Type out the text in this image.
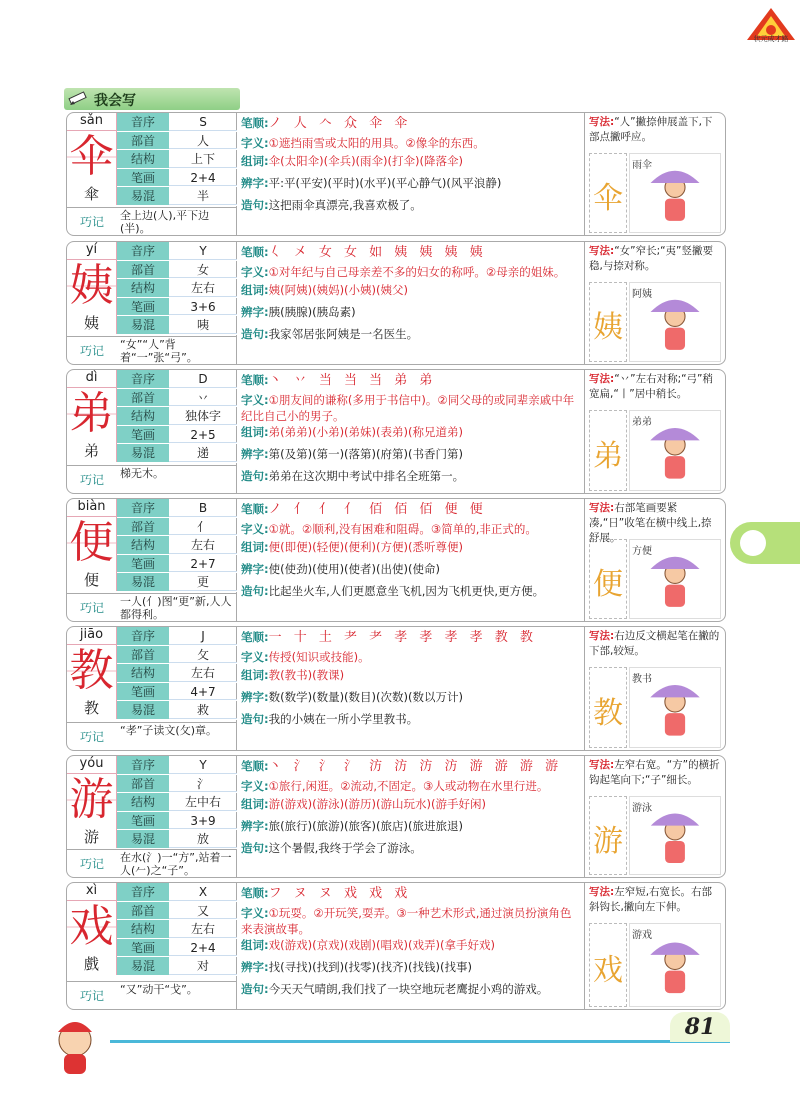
状元成才路
我会写
sǎn
伞
傘
音序	S
部首	人
结构	上下
笔画	2+4
易混	半
巧记	全上边(人),平下边(半)。
笔顺:ノ 人 𠆢 众 伞 伞
字义:①遮挡雨雪或太阳的用具。②像伞的东西。
组词:伞(太阳伞)(伞兵)(雨伞)(打伞)(降落伞)
辨字:平:平(平安)(平时)(水平)(平心静气)(风平浪静)
造句:这把雨伞真漂亮,我喜欢极了。
写法:“人”撇捺伸展盖下,下部点撇呼应。
伞
雨伞
yí
姨
姨
音序	Y
部首	女
结构	左右
笔画	3+6
易混	咦
巧记	“女”“人”背着“一”张“弓”。
笔顺:𡿨 㐅 女 女 如 姨 姨 姨 姨
字义:①对年纪与自己母亲差不多的妇女的称呼。②母亲的姐妹。
组词:姨(阿姨)(姨妈)(小姨)(姨父)
辨字:胰(胰腺)(胰岛素)
造句:我家邻居张阿姨是一名医生。
写法:“女”窄长;“夷”竖撇要稳,与捺对称。
姨
阿姨
dì
弟
弟
音序	D
部首	丷
结构	独体字
笔画	2+5
易混	递
巧记	梯无木。
笔顺:丶 丷 当 当 当 弟 弟
字义:①朋友间的谦称(多用于书信中)。②同父母的或同辈亲戚中年纪比自己小的男子。
组词:弟(弟弟)(小弟)(弟妹)(表弟)(称兄道弟)
辨字:第(及第)(第一)(落第)(府第)(书香门第)
造句:弟弟在这次期中考试中排名全班第一。
写法:“丷”左右对称;“弓”稍宽扁,“丨”居中稍长。
弟
弟弟
biàn
便
便
音序	B
部首	亻
结构	左右
笔画	2+7
易混	更
巧记	一人(亻)图“更”新,人人都得利。
笔顺:ノ 亻 亻 亻 佰 佰 佰 便 便
字义:①就。②顺利,没有困难和阻碍。③简单的,非正式的。
组词:便(即便)(轻便)(便利)(方便)(悉听尊便)
辨字:使(使劲)(使用)(使者)(出使)(使命)
造句:比起坐火车,人们更愿意坐飞机,因为飞机更快,更方便。
写法:右部笔画要紧凑,“日”收笔在横中线上,捺舒展。
便
方便
jiāo
教
教
音序	J
部首	攵
结构	左右
笔画	4+7
易混	救
巧记	“孝”子读文(攵)章。
笔顺:一 十 土 耂 耂 孝 孝 孝 孝 教 教
字义:传授(知识或技能)。
组词:教(教书)(教课)
辨字:数(数学)(数量)(数目)(次数)(数以万计)
造句:我的小姨在一所小学里教书。
写法:右边反文横起笔在撇的下部,较短。
教
教书
yóu
游
游
音序	Y
部首	氵
结构	左中右
笔画	3+9
易混	放
巧记	在水(氵)一“方”,站着一人(𠂉)之“子”。
笔顺:丶 氵 氵 氵 汸 汸 汸 汸 游 游 游 游
字义:①旅行,闲逛。②流动,不固定。③人或动物在水里行进。
组词:游(游戏)(游泳)(游历)(游山玩水)(游手好闲)
辨字:旅(旅行)(旅游)(旅客)(旅店)(旅进旅退)
造句:这个暑假,我终于学会了游泳。
写法:左窄右宽。“方”的横折钩起笔向下;“子”细长。
游
游泳
xì
戏
戲
音序	X
部首	又
结构	左右
笔画	2+4
易混	对
巧记	“又”动干“戈”。
笔顺:フ ヌ ヌ 戏 戏 戏
字义:①玩耍。②开玩笑,耍弄。③一种艺术形式,通过演员扮演角色来表演故事。
组词:戏(游戏)(京戏)(戏剧)(唱戏)(戏弄)(拿手好戏)
辨字:找(寻找)(找到)(找零)(找齐)(找钱)(找事)
造句:今天天气晴朗,我们找了一块空地玩老鹰捉小鸡的游戏。
写法:左窄短,右宽长。右部斜钩长,撇向左下伸。
戏
游戏
81
